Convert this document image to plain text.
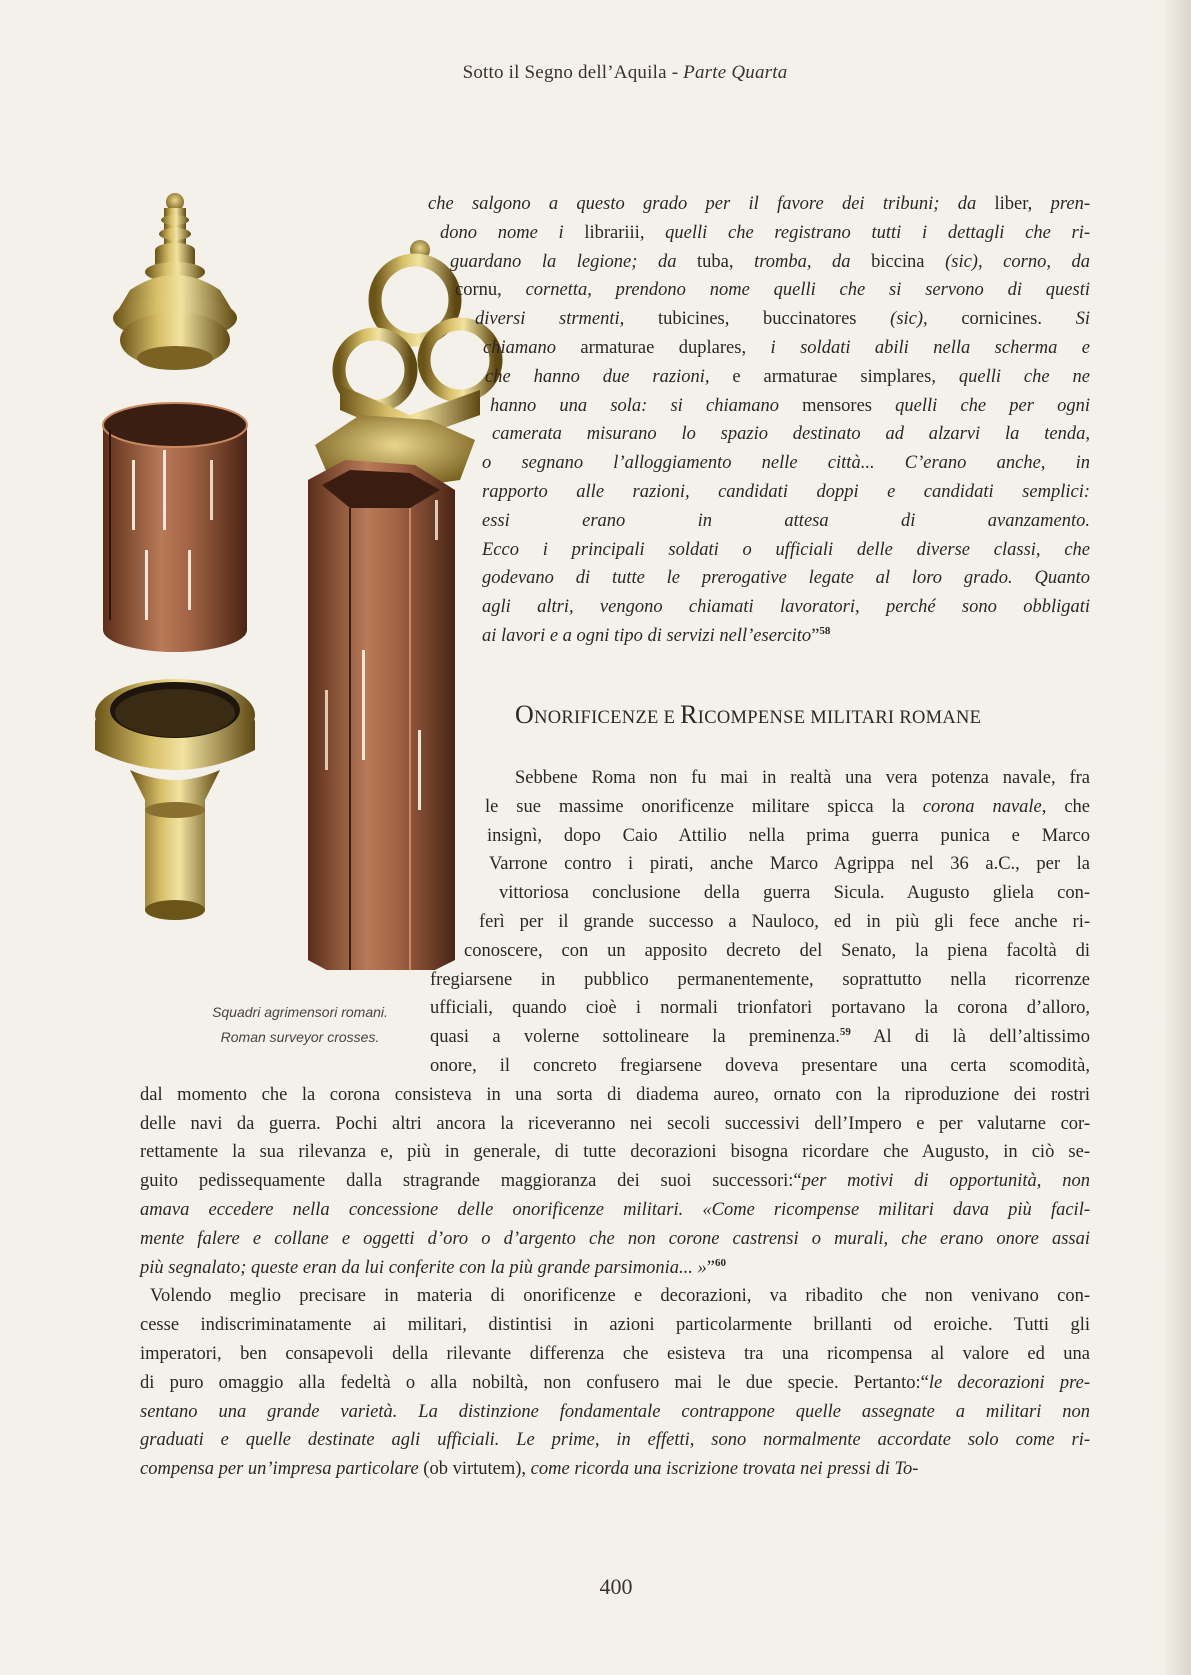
Sotto il Segno dell’Aquila - Parte Quarta
che salgono a questo grado per il favore dei tribuni; da liber, pren-
dono nome i librariii, quelli che registrano tutti i dettagli che ri-
guardano la legione; da tuba, tromba, da biccina (sic), corno, da
cornu, cornetta, prendono nome quelli che si servono di questi
diversi strmenti, tubicines, buccinatores (sic), cornicines. Si
chiamano armaturae duplares, i soldati abili nella scherma e
che hanno due razioni, e armaturae simplares, quelli che ne
hanno una sola: si chiamano mensores quelli che per ogni
camerata misurano lo spazio destinato ad alzarvi la tenda,
o segnano l’alloggiamento nelle città... C’erano anche, in
rapporto alle razioni, candidati doppi e candidati semplici:
essi erano in attesa di avanzamento.
Ecco i principali soldati o ufficiali delle diverse classi, che
godevano di tutte le prerogative legate al loro grado. Quanto
agli altri, vengono chiamati lavoratori, perché sono obbligati
ai lavori e a ogni tipo di servizi nell’esercito”$^{58}$
ONORIFICENZE E RICOMPENSE MILITARI ROMANE
Squadri agrimensori romani.
Roman surveyor crosses.
Sebbene Roma non fu mai in realtà una vera potenza navale, fra
le sue massime onorificenze militare spicca la corona navale, che
insignì, dopo Caio Attilio nella prima guerra punica e Marco
Varrone contro i pirati, anche Marco Agrippa nel 36 a.C., per la
vittoriosa conclusione della guerra Sicula. Augusto gliela con-
ferì per il grande successo a Nauloco, ed in più gli fece anche ri-
conoscere, con un apposito decreto del Senato, la piena facoltà di
fregiarsene in pubblico permanentemente, soprattutto nella ricorrenze
ufficiali, quando cioè i normali trionfatori portavano la corona d’alloro,
quasi a volerne sottolineare la preminenza.$^{59}$ Al di là dell’altissimo
onore, il concreto fregiarsene doveva presentare una certa scomodità,
dal momento che la corona consisteva in una sorta di diadema aureo, ornato con la riproduzione dei rostri
delle navi da guerra. Pochi altri ancora la riceveranno nei secoli successivi dell’Impero e per valutarne cor-
rettamente la sua rilevanza e, più in generale, di tutte decorazioni bisogna ricordare che Augusto, in ciò se-
guito pedissequamente dalla stragrande maggioranza dei suoi successori:“per motivi di opportunità, non
amava eccedere nella concessione delle onorificenze militari. «Come ricompense militari dava più facil-
mente falere e collane e oggetti d’oro o d’argento che non corone castrensi o murali, che erano onore assai
più segnalato; queste eran da lui conferite con la più grande parsimonia... »”$^{60}$
Volendo meglio precisare in materia di onorificenze e decorazioni, va ribadito che non venivano con-
cesse indiscriminatamente ai militari, distintisi in azioni particolarmente brillanti od eroiche. Tutti gli
imperatori, ben consapevoli della rilevante differenza che esisteva tra una ricompensa al valore ed una
di puro omaggio alla fedeltà o alla nobiltà, non confusero mai le due specie. Pertanto:“le decorazioni pre-
sentano una grande varietà. La distinzione fondamentale contrappone quelle assegnate a militari non
graduati e quelle destinate agli ufficiali. Le prime, in effetti, sono normalmente accordate solo come ri-
compensa per un’impresa particolare (ob virtutem), come ricorda una iscrizione trovata nei pressi di To-
400
